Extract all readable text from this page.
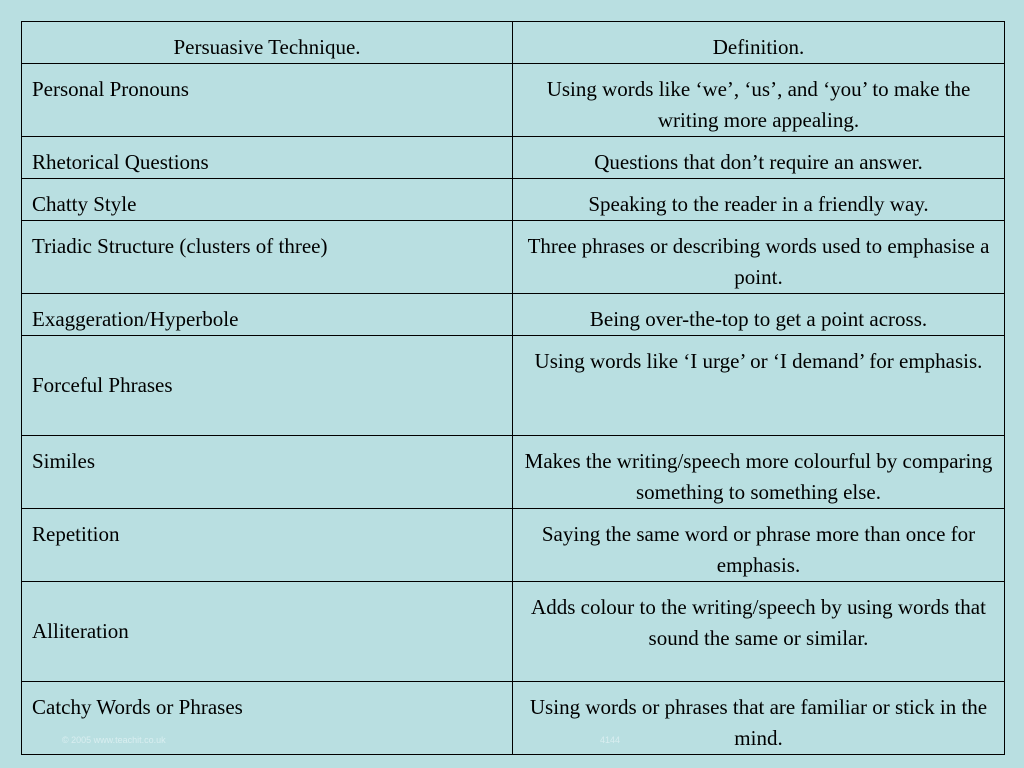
Persuasive Technique.	Definition.
Personal Pronouns	Using words like ‘we’, ‘us’, and ‘you’ to make the writing more appealing.
Rhetorical Questions	Questions that don’t require an answer.
Chatty Style	Speaking to the reader in a friendly way.
Triadic Structure (clusters of three)	Three phrases or describing words used to emphasise a point.
Exaggeration/Hyperbole	Being over-the-top to get a point across.
Forceful Phrases	Using words like ‘I urge’ or ‘I demand’ for emphasis.
Similes	Makes the writing/speech more colourful by comparing something to something else.
Repetition	Saying the same word or phrase more than once for emphasis.
Alliteration	Adds colour to the writing/speech by using words that sound the same or similar.
Catchy Words or Phrases	Using words or phrases that are familiar or stick in the mind.
© 2005 www.teachit.co.uk	4144
